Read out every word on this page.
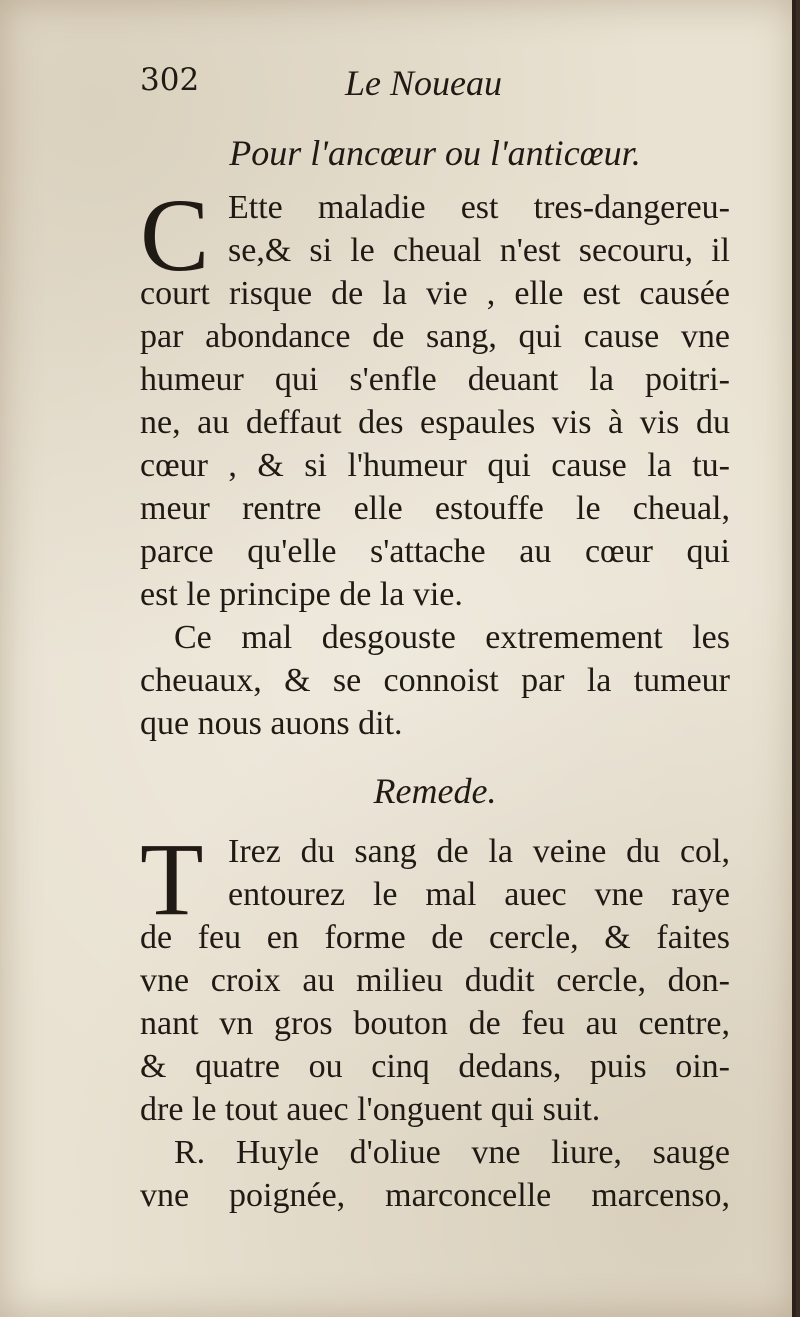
302	Le Noueau
Pour l'ancœur ou l'anticœur.
C Ette maladie est tres-dangereu-
se,& si le cheual n'est secouru, il
court risque de la vie , elle est causée
par abondance de sang, qui cause vne
humeur qui s'enfle deuant la poitri-
ne, au deffaut des espaules vis à vis du
cœur , & si l'humeur qui cause la tu-
meur rentre elle estouffe le cheual,
parce qu'elle s'attache au cœur qui
est le principe de la vie.
Ce mal desgouste extremement les
cheuaux, & se connoist par la tumeur
que nous auons dit.
Remede.
T Irez du sang de la veine du col,
entourez le mal auec vne raye
de feu en forme de cercle, & faites
vne croix au milieu dudit cercle, don-
nant vn gros bouton de feu au centre,
& quatre ou cinq dedans, puis oin-
dre le tout auec l'onguent qui suit.
R. Huyle d'oliue vne liure, sauge
vne poignée, marconcelle marcenso,
